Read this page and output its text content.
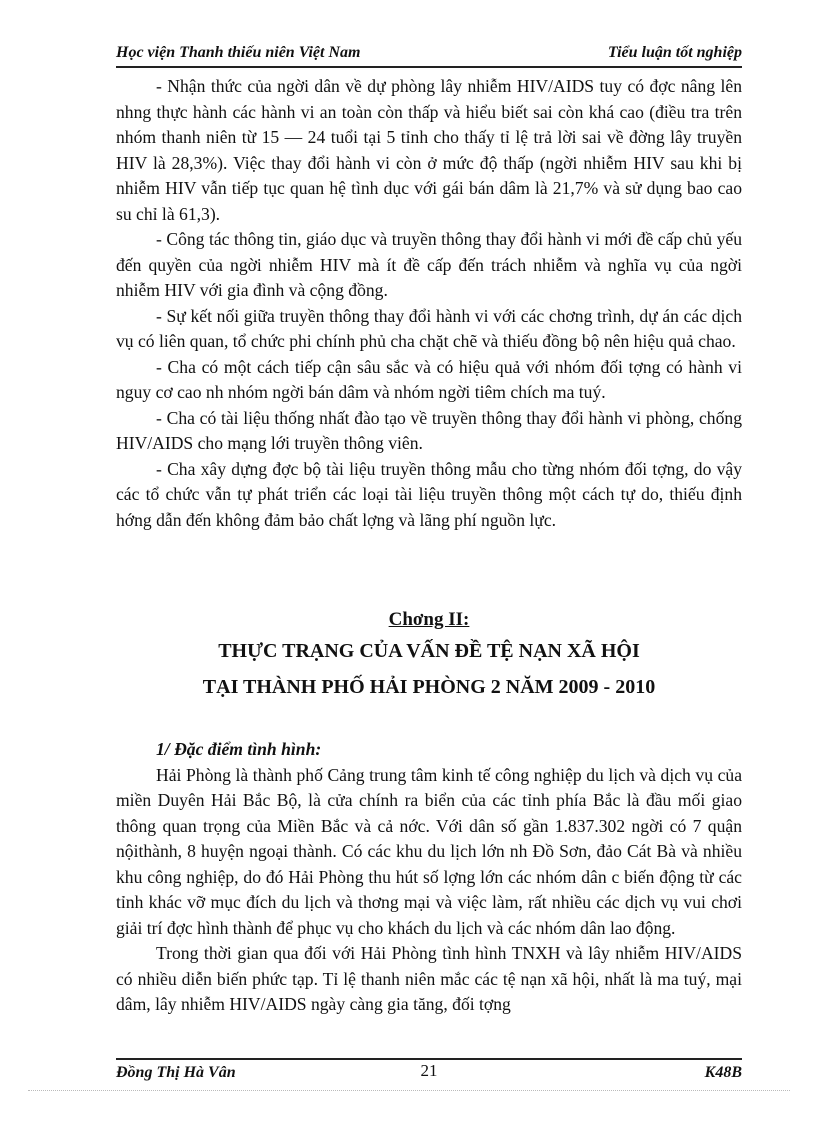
Học viện Thanh thiếu niên Việt Nam	Tiểu luận tốt nghiệp

- Nhận thức của ngời dân về dự phòng lây nhiễm HIV/AIDS tuy có đợc nâng lên nhng thực hành các hành vi an toàn còn thấp và hiểu biết sai còn khá cao (điều tra trên nhóm thanh niên từ 15 — 24 tuổi tại 5 tỉnh cho thấy tỉ lệ trả lời sai về đờng lây truyền HIV là 28,3%). Việc thay đổi hành vi còn ở mức độ thấp (ngời nhiễm HIV sau khi bị nhiễm HIV vẫn tiếp tục quan hệ tình dục với gái bán dâm là 21,7% và sử dụng bao cao su chỉ là 61,3).

- Công tác thông tin, giáo dục và truyền thông thay đổi hành vi mới đề cấp chủ yếu đến quyền của ngời nhiễm HIV mà ít đề cấp đến trách nhiễm và nghĩa vụ của ngời nhiễm HIV với gia đình và cộng đồng.

- Sự kết nối giữa truyền thông thay đổi hành vi với các chơng trình, dự án các dịch vụ có liên quan, tổ chức phi chính phủ cha chặt chẽ và thiếu đồng bộ nên hiệu quả chao.

- Cha có một cách tiếp cận sâu sắc và có hiệu quả với nhóm đối tợng có hành vi nguy cơ cao nh nhóm ngời bán dâm và nhóm ngời tiêm chích ma tuý.

- Cha có tài liệu thống nhất đào tạo về truyền thông thay đổi hành vi phòng, chống HIV/AIDS cho mạng lới truyền thông viên.

- Cha xây dựng đợc bộ tài liệu truyền thông mẫu cho từng nhóm đối tợng, do vậy các tổ chức vẫn tự phát triển các loại tài liệu truyền thông một cách tự do, thiếu định hớng dẫn đến không đảm bảo chất lợng và lãng phí nguồn lực.

Chơng II:
THỰC TRẠNG CỦA VẤN ĐỀ TỆ NẠN XÃ HỘI
TẠI THÀNH PHỐ HẢI PHÒNG 2 NĂM 2009 - 2010

1/ Đặc điểm tình hình:

Hải Phòng là thành phố Cảng trung tâm kinh tế công nghiệp du lịch và dịch vụ của miền Duyên Hải Bắc Bộ, là cửa chính ra biển của các tỉnh phía Bắc là đầu mối giao thông quan trọng của Miền Bắc và cả nớc. Với dân số gần 1.837.302 ngời có 7 quận nộithành, 8 huyện ngoại thành. Có các khu du lịch lớn nh Đồ Sơn, đảo Cát Bà và nhiều khu công nghiệp, do đó Hải Phòng thu hút số lợng lớn các nhóm dân c biến động từ các tỉnh khác vỡ mục đích du lịch và thơng mại và việc làm, rất nhiều các dịch vụ vui chơi giải trí đợc hình thành để phục vụ cho khách du lịch và các nhóm dân lao động.

Trong thời gian qua đối với Hải Phòng tình hình TNXH và lây nhiễm HIV/AIDS có nhiều diễn biến phức tạp. Tỉ lệ thanh niên mắc các tệ nạn xã hội, nhất là ma tuý, mại dâm, lây nhiễm HIV/AIDS ngày càng gia tăng, đối tợng

Đồng Thị Hà Vân	21	K48B
